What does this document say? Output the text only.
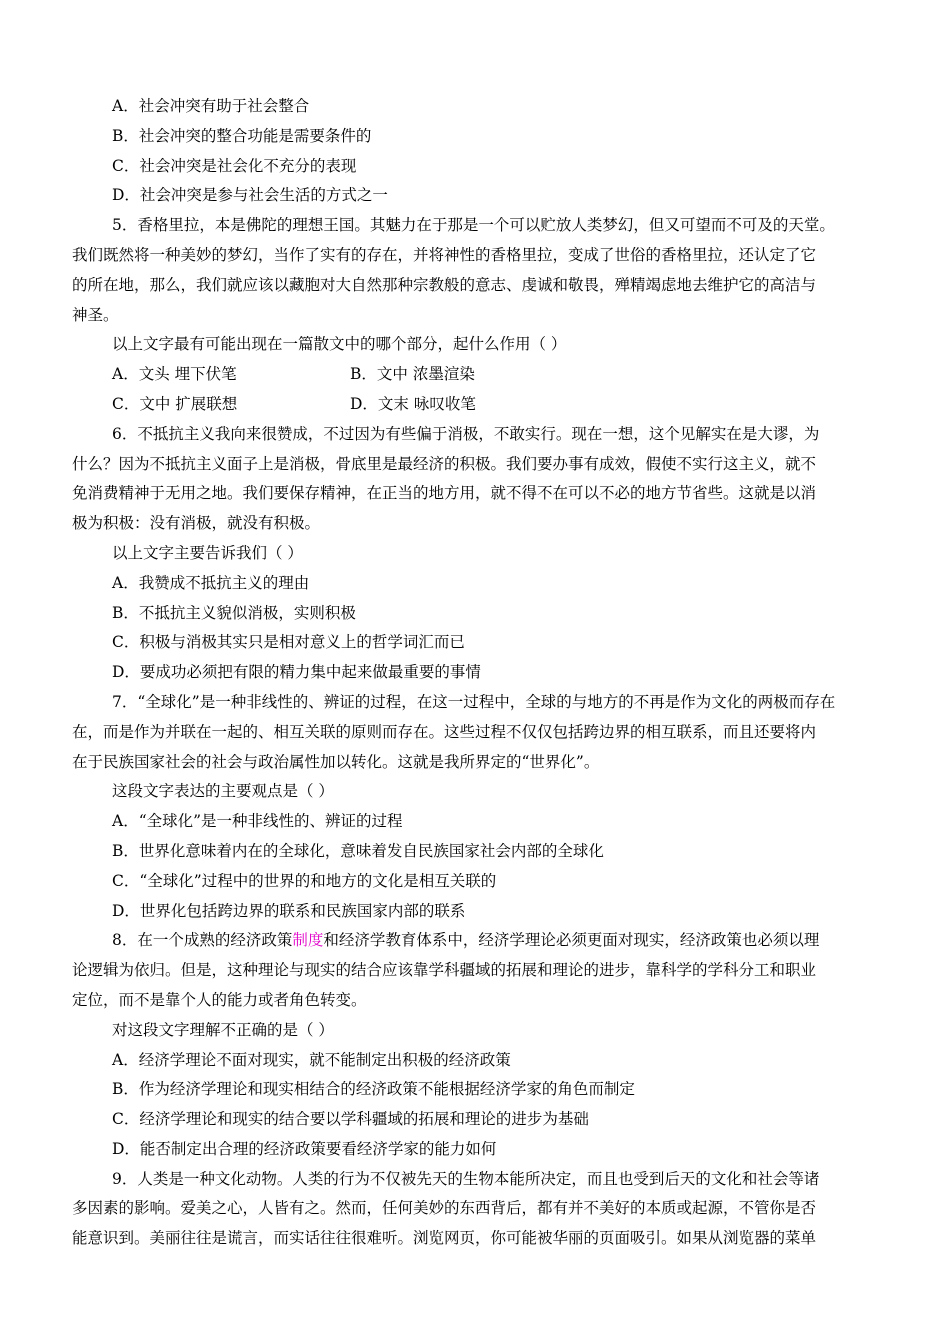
A．社会冲突有助于社会整合
B．社会冲突的整合功能是需要条件的
C．社会冲突是社会化不充分的表现
D．社会冲突是参与社会生活的方式之一
5．香格里拉，本是佛陀的理想王国。其魅力在于那是一个可以贮放人类梦幻，但又可望而不可及的天堂。
我们既然将一种美妙的梦幻，当作了实有的存在，并将神性的香格里拉，变成了世俗的香格里拉，还认定了它
的所在地，那么，我们就应该以藏胞对大自然那种宗教般的意志、虔诚和敬畏，殚精竭虑地去维护它的高洁与
神圣。
以上文字最有可能出现在一篇散文中的哪个部分，起什么作用（ ）
A．文头 埋下伏笔	B．文中 浓墨渲染
C．文中 扩展联想	D．文末 咏叹收笔
6．不抵抗主义我向来很赞成，不过因为有些偏于消极，不敢实行。现在一想，这个见解实在是大谬，为
什么？因为不抵抗主义面子上是消极，骨底里是最经济的积极。我们要办事有成效，假使不实行这主义，就不
免消费精神于无用之地。我们要保存精神，在正当的地方用，就不得不在可以不必的地方节省些。这就是以消
极为积极：没有消极，就没有积极。
以上文字主要告诉我们（ ）
A．我赞成不抵抗主义的理由
B．不抵抗主义貌似消极，实则积极
C．积极与消极其实只是相对意义上的哲学词汇而已
D．要成功必须把有限的精力集中起来做最重要的事情
7．“全球化”是一种非线性的、辨证的过程，在这一过程中，全球的与地方的不再是作为文化的两极而存在
在，而是作为并联在一起的、相互关联的原则而存在。这些过程不仅仅包括跨边界的相互联系，而且还要将内
在于民族国家社会的社会与政治属性加以转化。这就是我所界定的“世界化”。
这段文字表达的主要观点是（ ）
A．“全球化”是一种非线性的、辨证的过程
B．世界化意味着内在的全球化，意味着发自民族国家社会内部的全球化
C．“全球化”过程中的世界的和地方的文化是相互关联的
D．世界化包括跨边界的联系和民族国家内部的联系
8．在一个成熟的经济政策制度和经济学教育体系中，经济学理论必须更面对现实，经济政策也必须以理
论逻辑为依归。但是，这种理论与现实的结合应该靠学科疆域的拓展和理论的进步，靠科学的学科分工和职业
定位，而不是靠个人的能力或者角色转变。
对这段文字理解不正确的是（ ）
A．经济学理论不面对现实，就不能制定出积极的经济政策
B．作为经济学理论和现实相结合的经济政策不能根据经济学家的角色而制定
C．经济学理论和现实的结合要以学科疆域的拓展和理论的进步为基础
D．能否制定出合理的经济政策要看经济学家的能力如何
9．人类是一种文化动物。人类的行为不仅被先天的生物本能所决定，而且也受到后天的文化和社会等诸
多因素的影响。爱美之心，人皆有之。然而，任何美妙的东西背后，都有并不美好的本质或起源，不管你是否
能意识到。美丽往往是谎言，而实话往往很难听。浏览网页，你可能被华丽的页面吸引。如果从浏览器的菜单
